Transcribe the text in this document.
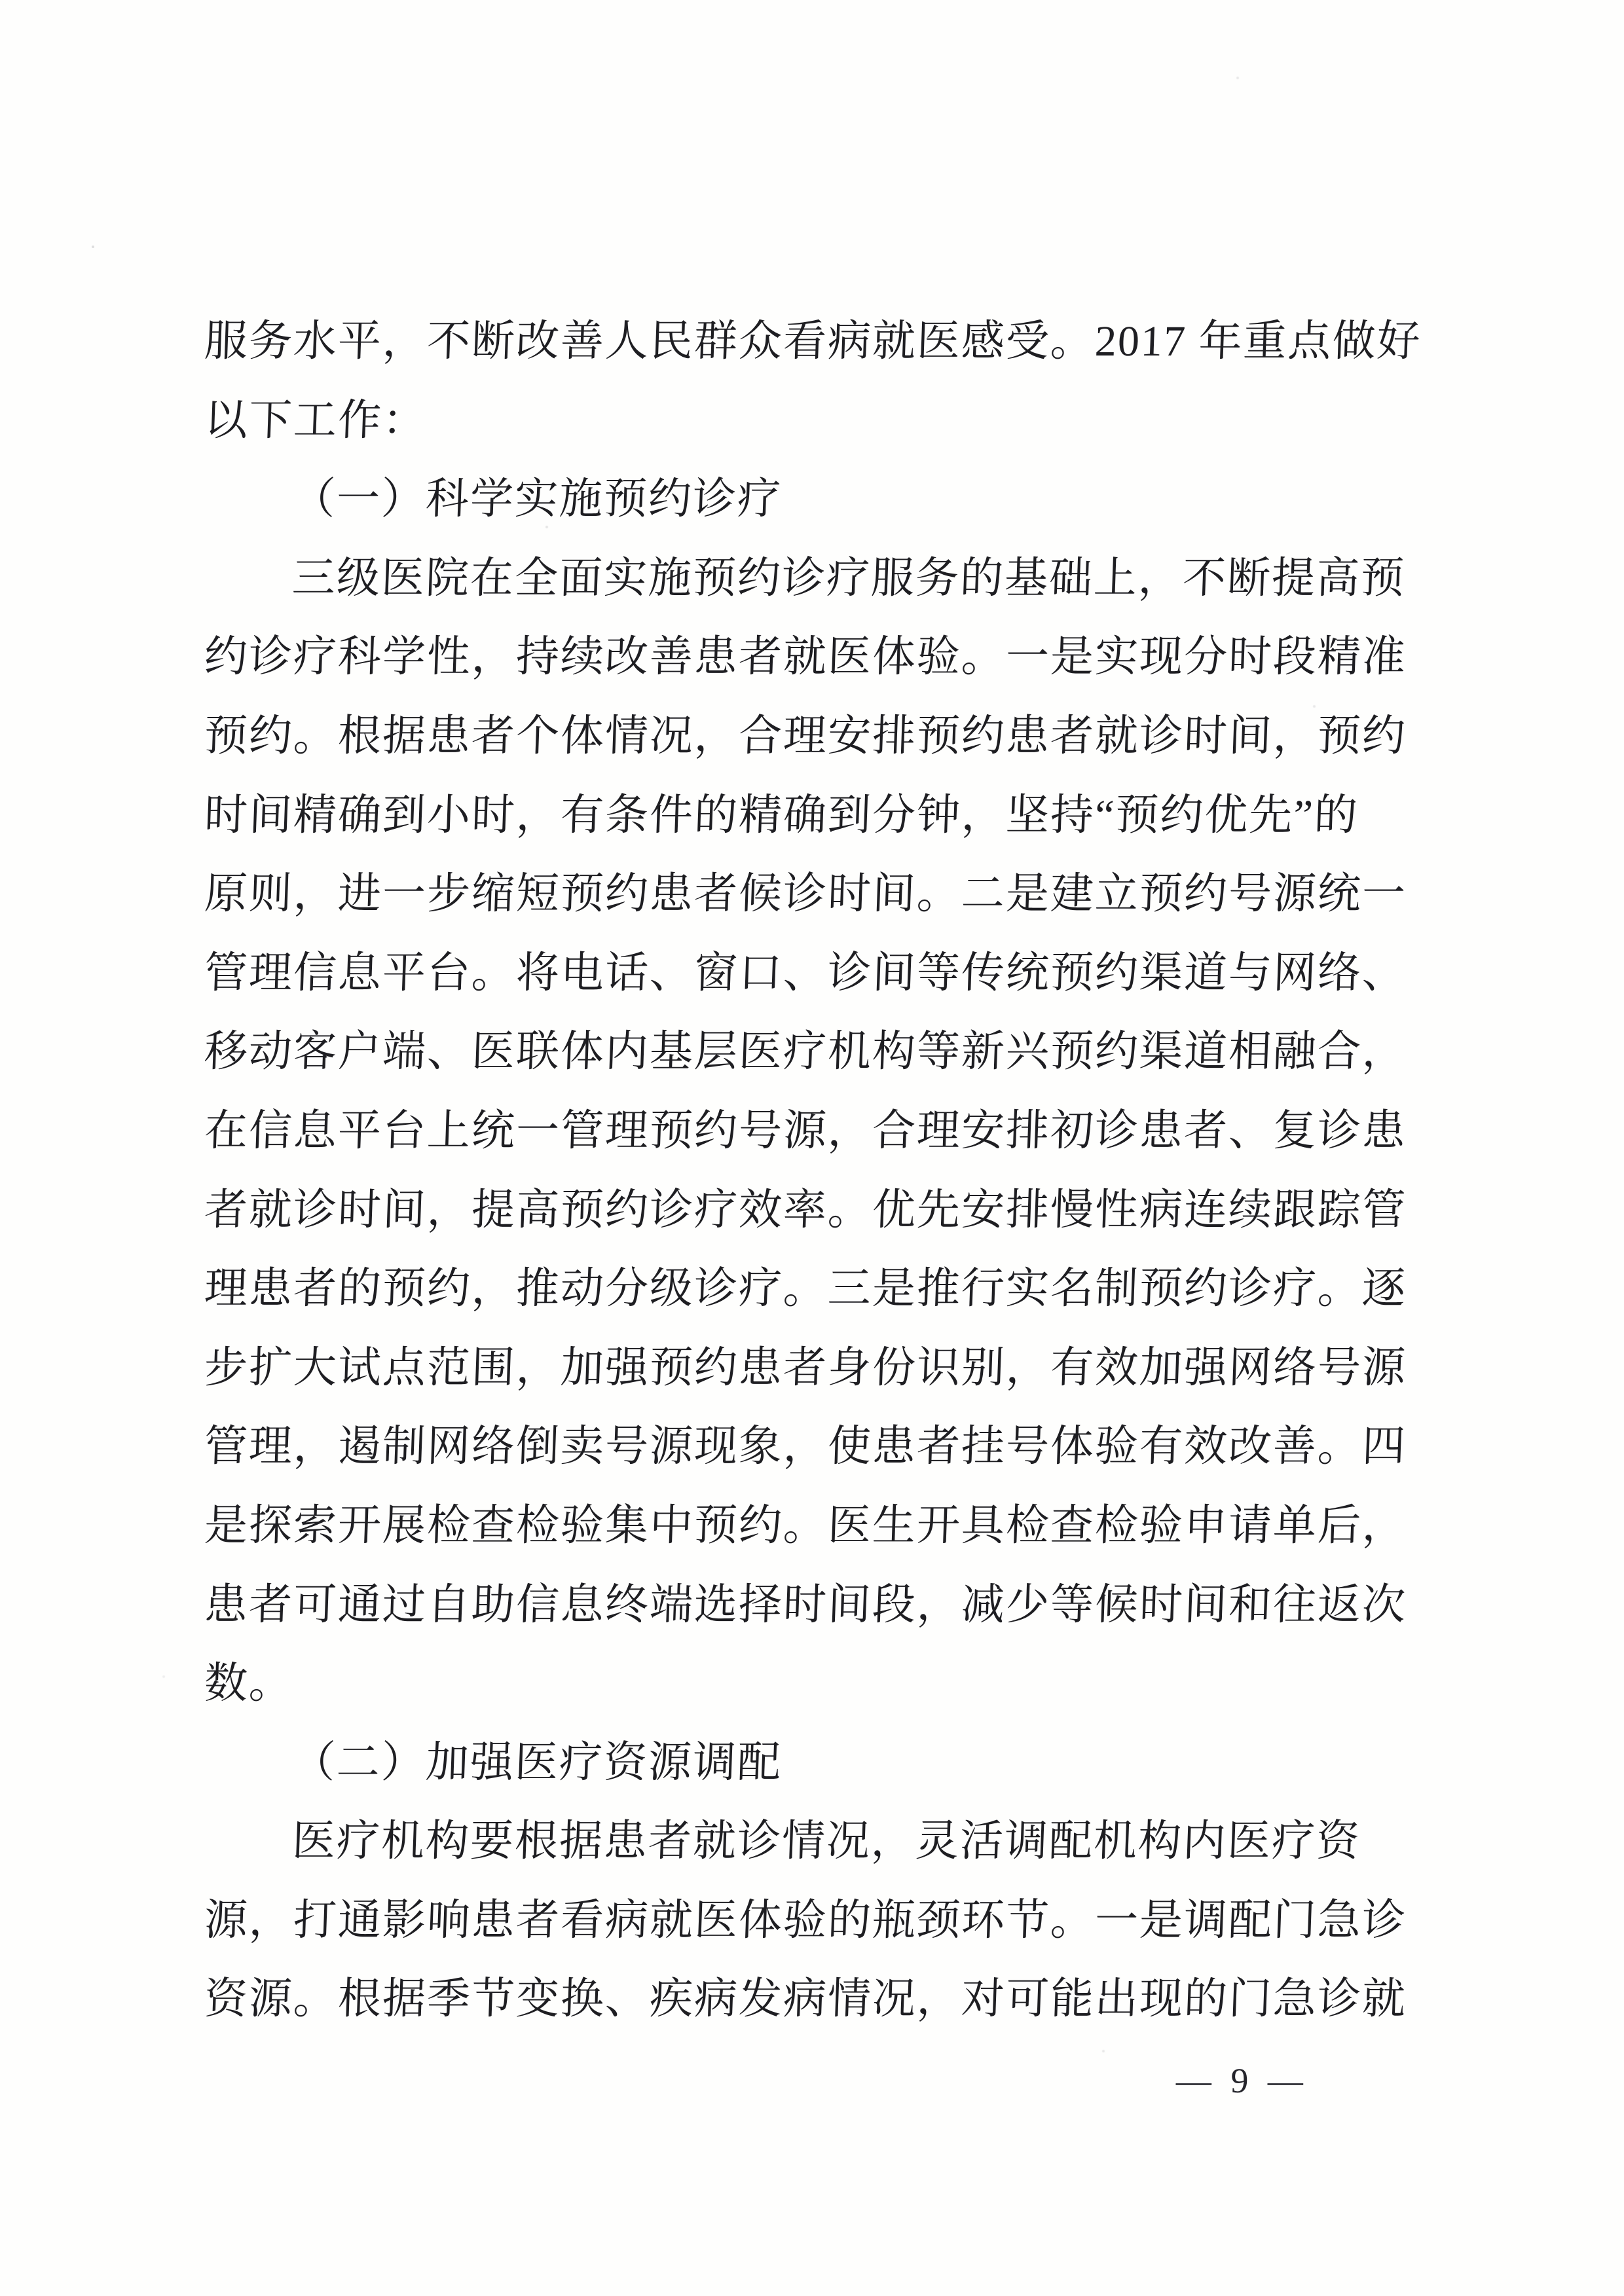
服务水平，不断改善人民群众看病就医感受。2017 年重点做好
以下工作：
（一）科学实施预约诊疗
三级医院在全面实施预约诊疗服务的基础上，不断提高预
约诊疗科学性，持续改善患者就医体验。一是实现分时段精准
预约。根据患者个体情况，合理安排预约患者就诊时间，预约
时间精确到小时，有条件的精确到分钟，坚持“预约优先”的
原则，进一步缩短预约患者候诊时间。二是建立预约号源统一
管理信息平台。将电话、窗口、诊间等传统预约渠道与网络、
移动客户端、医联体内基层医疗机构等新兴预约渠道相融合，
在信息平台上统一管理预约号源，合理安排初诊患者、复诊患
者就诊时间，提高预约诊疗效率。优先安排慢性病连续跟踪管
理患者的预约，推动分级诊疗。三是推行实名制预约诊疗。逐
步扩大试点范围，加强预约患者身份识别，有效加强网络号源
管理，遏制网络倒卖号源现象，使患者挂号体验有效改善。四
是探索开展检查检验集中预约。医生开具检查检验申请单后，
患者可通过自助信息终端选择时间段，减少等候时间和往返次
数。
（二）加强医疗资源调配
医疗机构要根据患者就诊情况，灵活调配机构内医疗资
源，打通影响患者看病就医体验的瓶颈环节。一是调配门急诊
资源。根据季节变换、疾病发病情况，对可能出现的门急诊就
— 9 —
